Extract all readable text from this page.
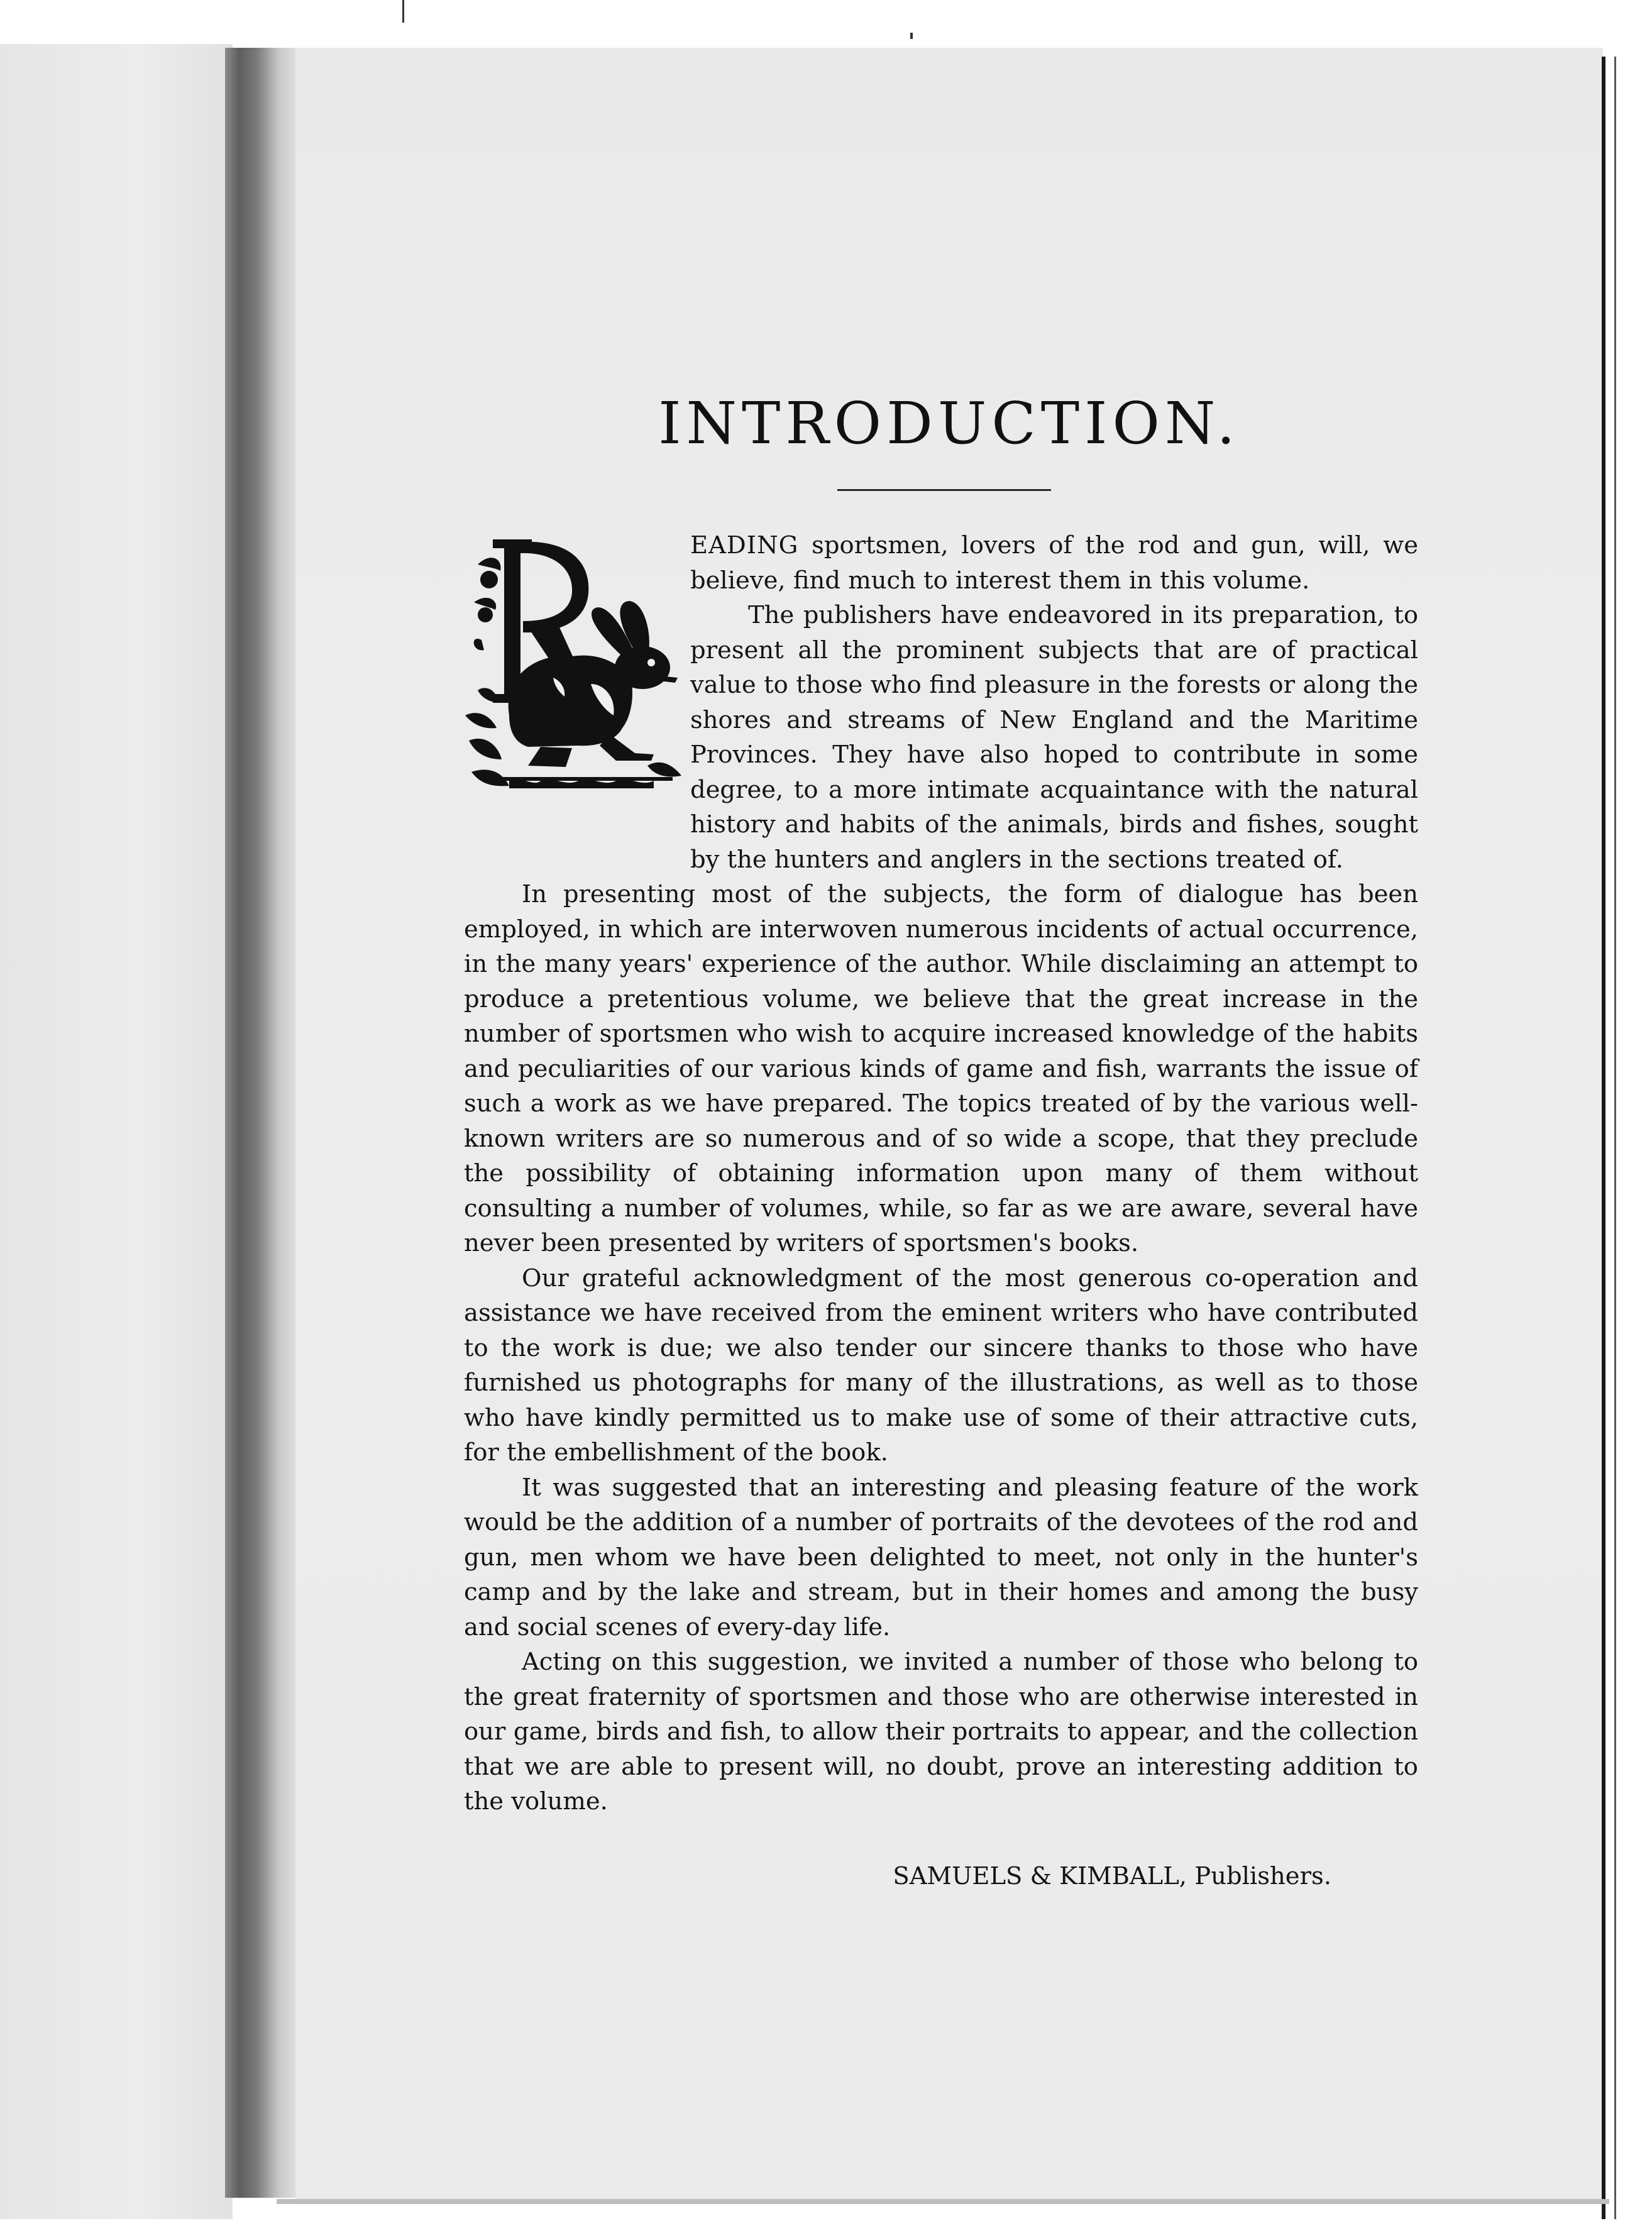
INTRODUCTION.

EADING sportsmen, lovers of the rod and gun, will, we believe, find much to interest them in this volume.

The publishers have endeavored in its preparation, to present all the prominent subjects that are of practical value to those who find pleasure in the forests or along the shores and streams of New England and the Maritime Provinces. They have also hoped to contribute in some degree, to a more intimate acquaintance with the natural history and habits of the animals, birds and fishes, sought by the hunters and anglers in the sections treated of.

In presenting most of the subjects, the form of dialogue has been employed, in which are interwoven numerous incidents of actual occurrence, in the many years' experience of the author. While disclaiming an attempt to produce a pretentious volume, we believe that the great increase in the number of sportsmen who wish to acquire increased knowledge of the habits and peculiarities of our various kinds of game and fish, warrants the issue of such a work as we have prepared. The topics treated of by the various well-known writers are so numerous and of so wide a scope, that they preclude the possibility of obtaining information upon many of them without consulting a number of volumes, while, so far as we are aware, several have never been presented by writers of sportsmen's books.

Our grateful acknowledgment of the most generous co-operation and assistance we have received from the eminent writers who have contributed to the work is due; we also tender our sincere thanks to those who have furnished us photographs for many of the illustrations, as well as to those who have kindly permitted us to make use of some of their attractive cuts, for the embellishment of the book.

It was suggested that an interesting and pleasing feature of the work would be the addition of a number of portraits of the devotees of the rod and gun, men whom we have been delighted to meet, not only in the hunter's camp and by the lake and stream, but in their homes and among the busy and social scenes of every-day life.

Acting on this suggestion, we invited a number of those who belong to the great fraternity of sportsmen and those who are otherwise interested in our game, birds and fish, to allow their portraits to appear, and the collection that we are able to present will, no doubt, prove an interesting addition to the volume.

SAMUELS & KIMBALL, Publishers.
